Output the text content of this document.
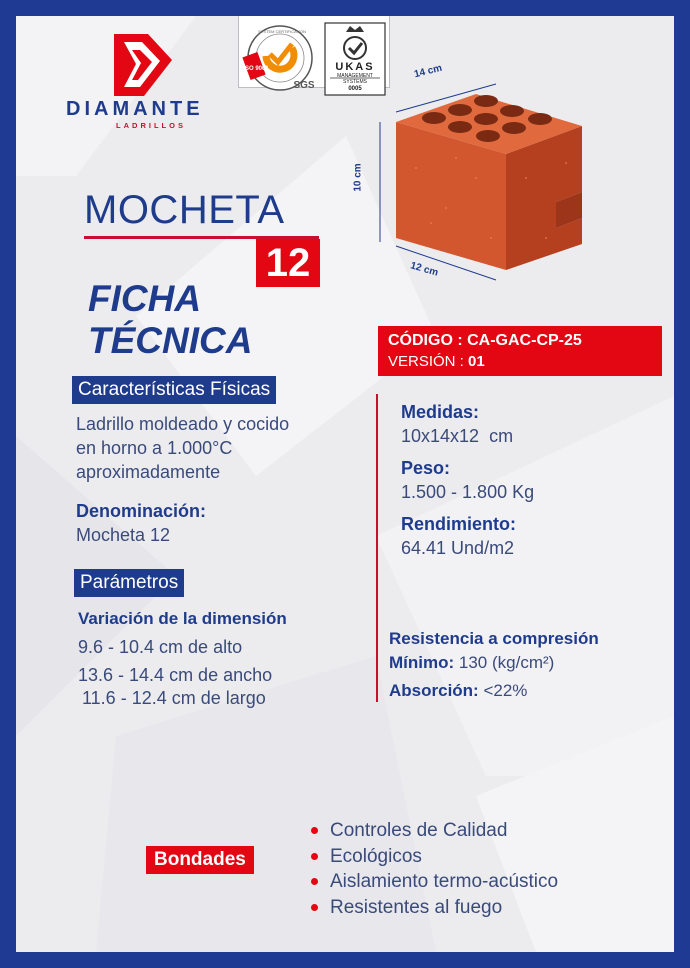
DIAMANTE
LADRILLOS
SYSTEM CERTIFICATION
ISO 9001
SGS
UKAS
MANAGEMENT
SYSTEMS
0005
MOCHETA
12
14 cm
10 cm
12 cm
FICHA
TÉCNICA	CÓDIGO : CA-GAC-CP-25
VERSIÓN : 01
Características Físicas
Ladrillo moldeado y cocido
en horno a 1.000°C
aproximadamente
Denominación:
Mocheta 12
Parámetros
Variación de la dimensión
9.6 - 10.4 cm de alto
13.6 - 14.4 cm de ancho
11.6 - 12.4 cm de largo
Medidas:
10x14x12  cm
Peso:
1.500 - 1.800 Kg
Rendimiento:
64.41 Und/m2
Resistencia a compresión
Mínimo: 130 (kg/cm²)
Absorción: <22%
Bondades
Controles de Calidad
Ecológicos
Aislamiento termo-acústico
Resistentes al fuego
